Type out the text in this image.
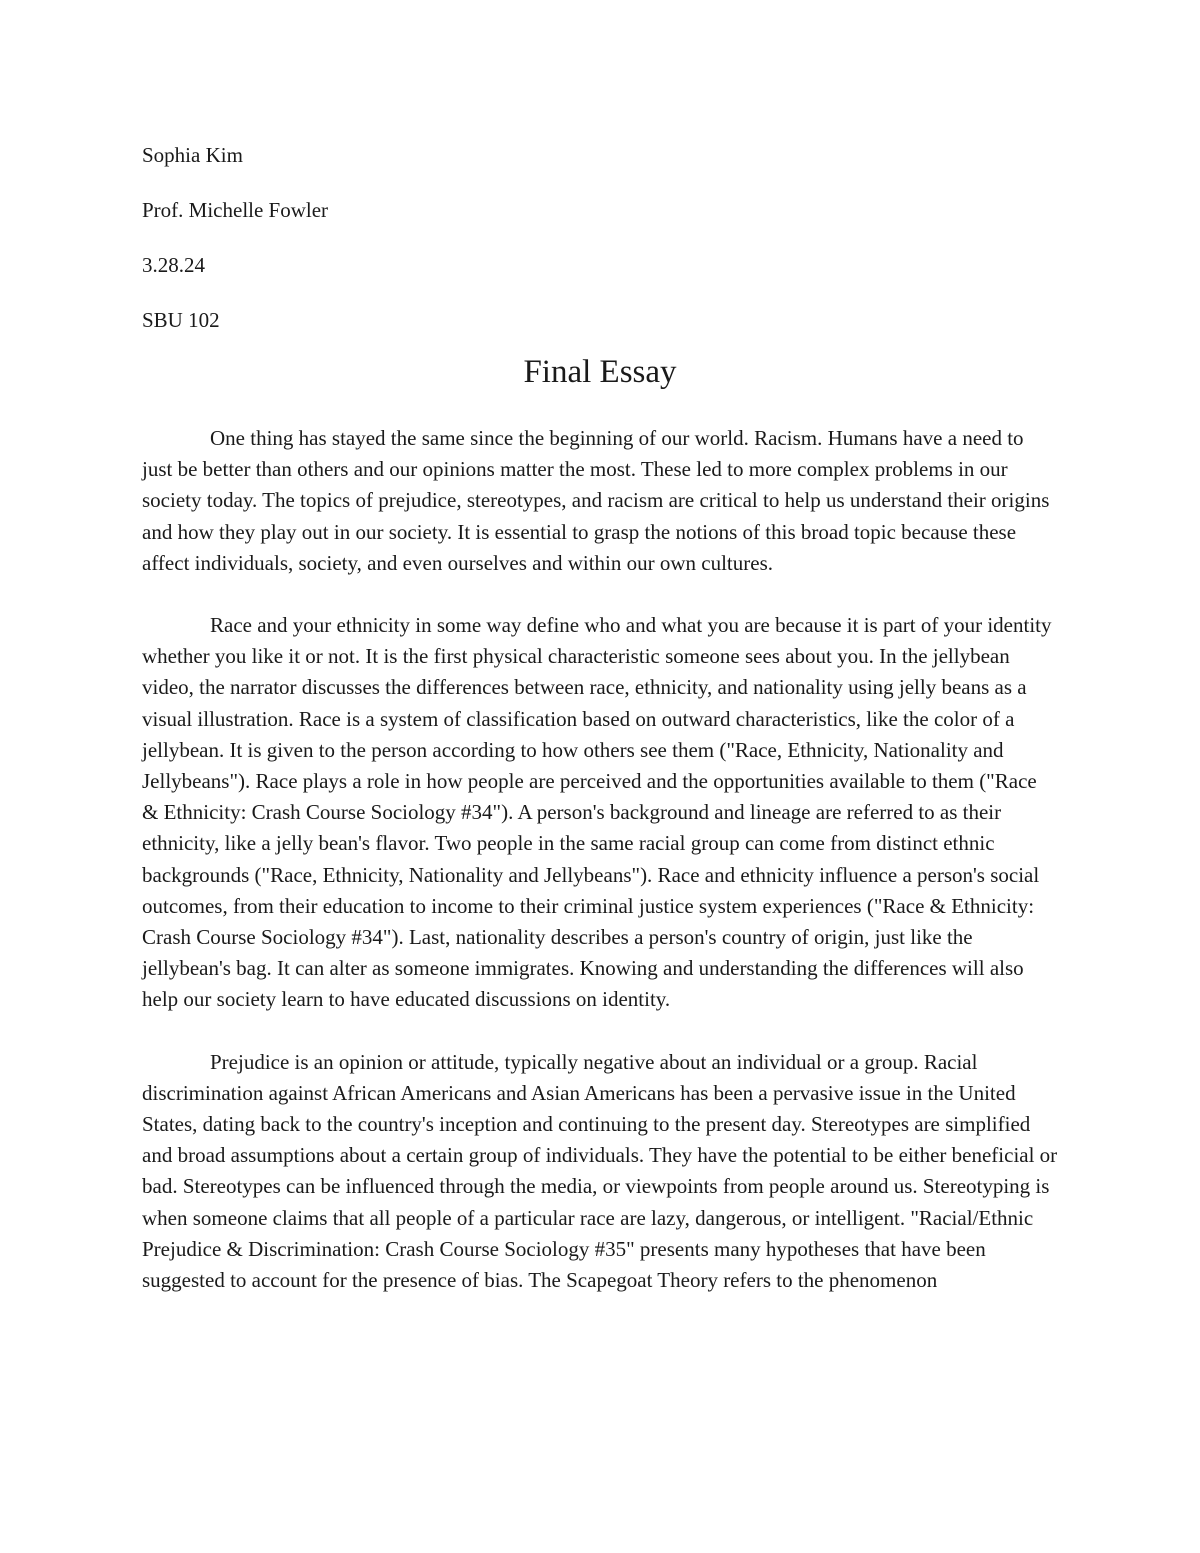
Sophia Kim

Prof. Michelle Fowler

3.28.24

SBU 102

Final Essay

One thing has stayed the same since the beginning of our world. Racism. Humans have a need to just be better than others and our opinions matter the most. These led to more complex problems in our society today. The topics of prejudice, stereotypes, and racism are critical to help us understand their origins and how they play out in our society. It is essential to grasp the notions of this broad topic because these affect individuals, society, and even ourselves and within our own cultures.

Race and your ethnicity in some way define who and what you are because it is part of your identity whether you like it or not. It is the first physical characteristic someone sees about you. In the jellybean video, the narrator discusses the differences between race, ethnicity, and nationality using jelly beans as a visual illustration. Race is a system of classification based on outward characteristics, like the color of a jellybean. It is given to the person according to how others see them ("Race, Ethnicity, Nationality and Jellybeans"). Race plays a role in how people are perceived and the opportunities available to them ("Race & Ethnicity: Crash Course Sociology #34"). A person's background and lineage are referred to as their ethnicity, like a jelly bean's flavor. Two people in the same racial group can come from distinct ethnic backgrounds ("Race, Ethnicity, Nationality and Jellybeans"). Race and ethnicity influence a person's social outcomes, from their education to income to their criminal justice system experiences ("Race & Ethnicity: Crash Course Sociology #34"). Last, nationality describes a person's country of origin, just like the jellybean's bag. It can alter as someone immigrates. Knowing and understanding the differences will also help our society learn to have educated discussions on identity.

Prejudice is an opinion or attitude, typically negative about an individual or a group. Racial discrimination against African Americans and Asian Americans has been a pervasive issue in the United States, dating back to the country's inception and continuing to the present day. Stereotypes are simplified and broad assumptions about a certain group of individuals. They have the potential to be either beneficial or bad. Stereotypes can be influenced through the media, or viewpoints from people around us. Stereotyping is when someone claims that all people of a particular race are lazy, dangerous, or intelligent. "Racial/Ethnic Prejudice & Discrimination: Crash Course Sociology #35" presents many hypotheses that have been suggested to account for the presence of bias. The Scapegoat Theory refers to the phenomenon
